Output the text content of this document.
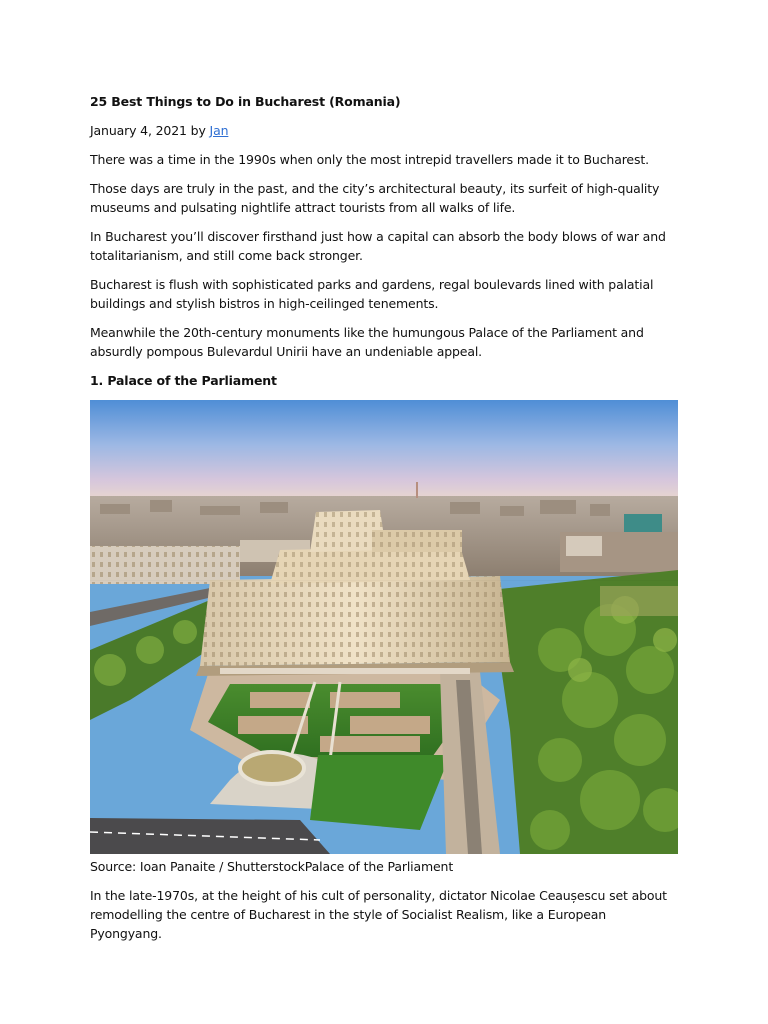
25 Best Things to Do in Bucharest (Romania)

January 4, 2021 by Jan

There was a time in the 1990s when only the most intrepid travellers made it to Bucharest.

Those days are truly in the past, and the city’s architectural beauty, its surfeit of high-quality museums and pulsating nightlife attract tourists from all walks of life.

In Bucharest you’ll discover firsthand just how a capital can absorb the body blows of war and totalitarianism, and still come back stronger.

Bucharest is flush with sophisticated parks and gardens, regal boulevards lined with palatial buildings and stylish bistros in high-ceilinged tenements.

Meanwhile the 20th-century monuments like the humungous Palace of the Parliament and absurdly pompous Bulevardul Unirii have an undeniable appeal.

1. Palace of the Parliament

Source: Ioan Panaite / ShutterstockPalace of the Parliament

In the late-1970s, at the height of his cult of personality, dictator Nicolae Ceaușescu set about remodelling the centre of Bucharest in the style of Socialist Realism, like a European Pyongyang.
